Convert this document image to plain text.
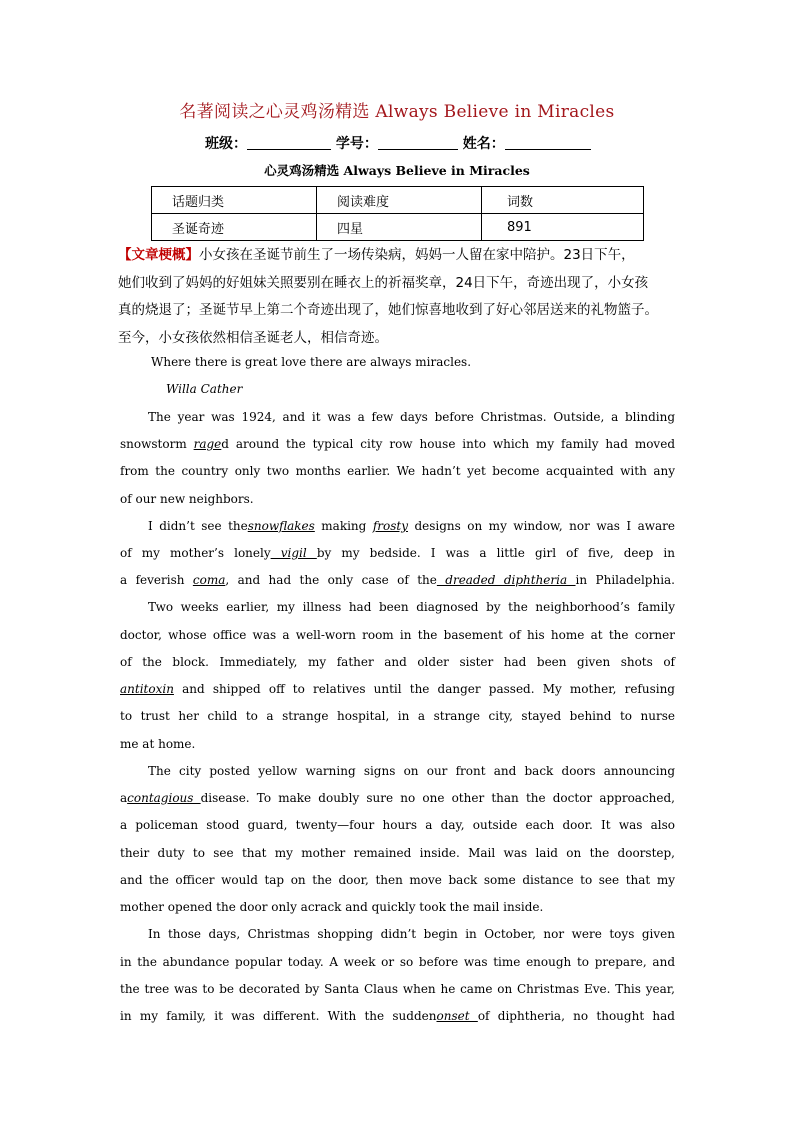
名著阅读之心灵鸡汤精选 Always Believe in Miracles
班级：	学号：	姓名：
心灵鸡汤精选 Always Believe in Miracles
话题归类	阅读难度	词数
圣诞奇迹	四星	891
【文章梗概】小女孩在圣诞节前生了一场传染病，妈妈一人留在家中陪护。23日下午，
她们收到了妈妈的好姐妹关照要别在睡衣上的祈福奖章，24日下午，奇迹出现了，小女孩
真的烧退了；圣诞节早上第二个奇迹出现了，她们惊喜地收到了好心邻居送来的礼物篮子。
至今，小女孩依然相信圣诞老人，相信奇迹。
Where there is great love there are always miracles.
Willa Cather
The year was 1924, and it was a few days before Christmas. Outside, a blinding
snowstorm raged around the typical city row house into which my family had moved
from the country only two months earlier. We hadn’t yet become acquainted with any
of our new neighbors.
I didn’t see thesnowflakes making frosty designs on my window, nor was I aware
of my mother’s lonely vigil by my bedside. I was a little girl of five, deep in
a feverish coma, and had the only case of the dreaded diphtheria in Philadelphia.
Two weeks earlier, my illness had been diagnosed by the neighborhood’s family
doctor, whose office was a well-worn room in the basement of his home at the corner
of the block. Immediately, my father and older sister had been given shots of
antitoxin and shipped off to relatives until the danger passed. My mother, refusing
to trust her child to a strange hospital, in a strange city, stayed behind to nurse
me at home.
The city posted yellow warning signs on our front and back doors announcing
acontagious disease. To make doubly sure no one other than the doctor approached,
a policeman stood guard, twenty—four hours a day, outside each door. It was also
their duty to see that my mother remained inside. Mail was laid on the doorstep,
and the officer would tap on the door, then move back some distance to see that my
mother opened the door only acrack and quickly took the mail inside.
In those days, Christmas shopping didn’t begin in October, nor were toys given
in the abundance popular today. A week or so before was time enough to prepare, and
the tree was to be decorated by Santa Claus when he came on Christmas Eve. This year,
in my family, it was different. With the suddenonset of diphtheria, no thought had
